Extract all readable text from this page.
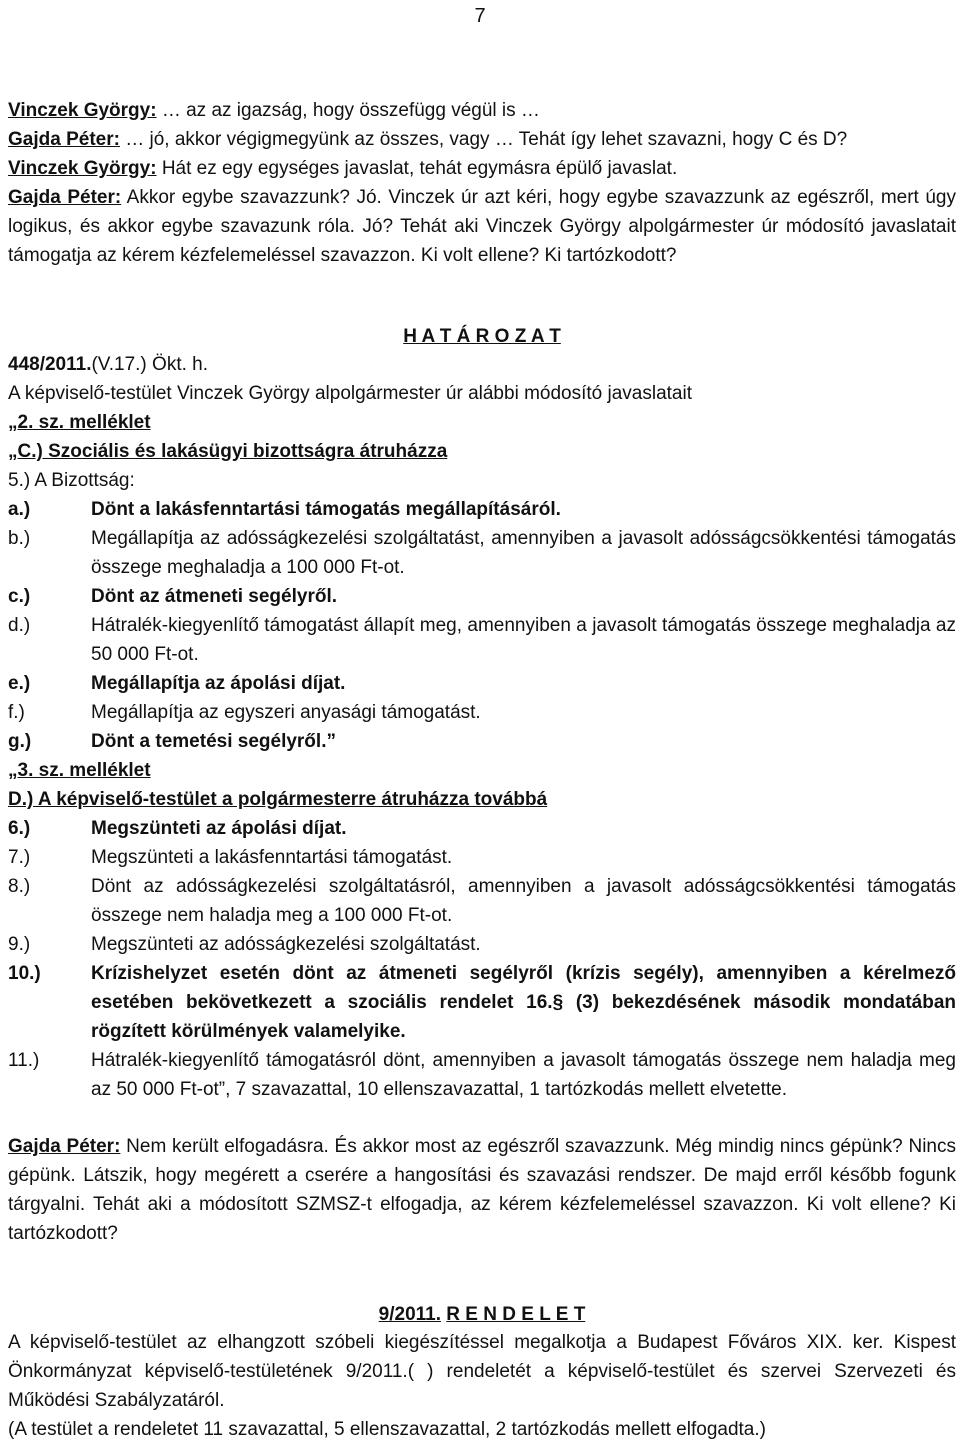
7

Vinczek György: … az az igazság, hogy összefügg végül is …

Gajda Péter: … jó, akkor végigmegyünk az összes, vagy … Tehát így lehet szavazni, hogy C és D?

Vinczek György: Hát ez egy egységes javaslat, tehát egymásra épülő javaslat.

Gajda Péter: Akkor egybe szavazzunk? Jó. Vinczek úr azt kéri, hogy egybe szavazzunk az egészről, mert úgy logikus, és akkor egybe szavazunk róla. Jó? Tehát aki Vinczek György alpolgármester úr módosító javaslatait támogatja az kérem kézfelemeléssel szavazzon. Ki volt ellene? Ki tartózkodott?

H A T Á R O Z A T

448/2011.(V.17.) Ökt. h.

A képviselő-testület Vinczek György alpolgármester úr alábbi módosító javaslatait

„2. sz. melléklet

„C.) Szociális és lakásügyi bizottságra átruházza

5.) A Bizottság:

a.)	Dönt a lakásfenntartási támogatás megállapításáról.
b.)	Megállapítja az adósságkezelési szolgáltatást, amennyiben a javasolt adósságcsökkentési támogatás összege meghaladja a 100 000 Ft-ot.
c.)	Dönt az átmeneti segélyről.
d.)	Hátralék-kiegyenlítő támogatást állapít meg, amennyiben a javasolt támogatás összege meghaladja az 50 000 Ft-ot.
e.)	Megállapítja az ápolási díjat.
f.)	Megállapítja az egyszeri anyasági támogatást.
g.)	Dönt a temetési segélyről.”

„3. sz. melléklet

D.) A képviselő-testület a polgármesterre átruházza továbbá

6.)	Megszünteti az ápolási díjat.
7.)	Megszünteti a lakásfenntartási támogatást.
8.)	Dönt az adósságkezelési szolgáltatásról, amennyiben a javasolt adósságcsökkentési támogatás összege nem haladja meg a 100 000 Ft-ot.
9.)	Megszünteti az adósságkezelési szolgáltatást.
10.)	Krízishelyzet esetén dönt az átmeneti segélyről (krízis segély), amennyiben a kérelmező esetében bekövetkezett a szociális rendelet 16.§ (3) bekezdésének második mondatában rögzített körülmények valamelyike.
11.)	Hátralék-kiegyenlítő támogatásról dönt, amennyiben a javasolt támogatás összege nem haladja meg az 50 000 Ft-ot”, 7 szavazattal, 10 ellenszavazattal, 1 tartózkodás mellett elvetette.

Gajda Péter: Nem került elfogadásra. És akkor most az egészről szavazzunk. Még mindig nincs gépünk? Nincs gépünk. Látszik, hogy megérett a cserére a hangosítási és szavazási rendszer. De majd erről később fogunk tárgyalni. Tehát aki a módosított SZMSZ-t elfogadja, az kérem kézfelemeléssel szavazzon. Ki volt ellene? Ki tartózkodott?

9/2011. R E N D E L E T

A képviselő-testület az elhangzott szóbeli kiegészítéssel megalkotja a Budapest Főváros XIX. ker. Kispest Önkormányzat képviselő-testületének 9/2011.( ) rendeletét a képviselő-testület és szervei Szervezeti és Működési Szabályzatáról.

(A testület a rendeletet 11 szavazattal, 5 ellenszavazattal, 2 tartózkodás mellett elfogadta.)
